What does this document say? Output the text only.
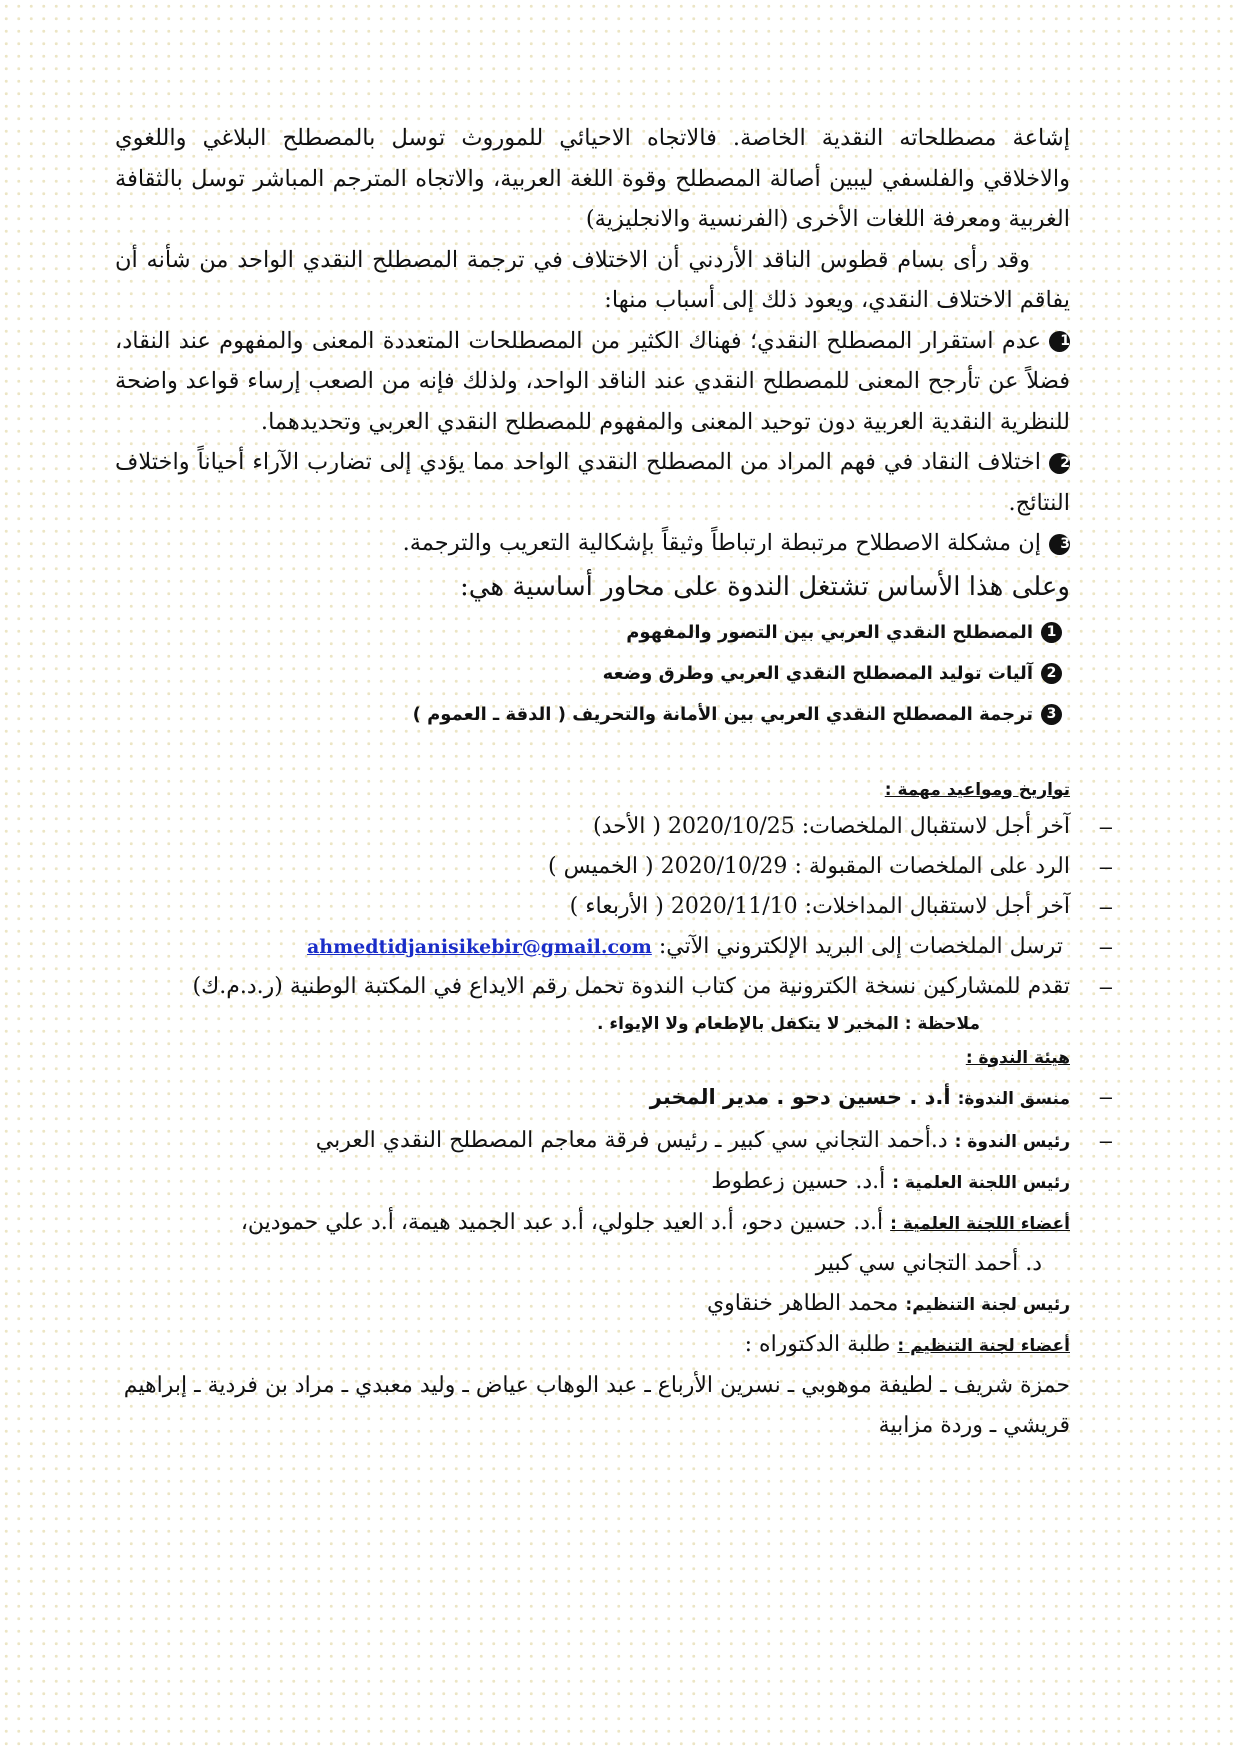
إشاعة مصطلحاته النقدية الخاصة. فالاتجاه الاحيائي للموروث توسل بالمصطلح البلاغي واللغوي والاخلاقي والفلسفي ليبين أصالة المصطلح وقوة اللغة العربية، والاتجاه المترجم المباشر توسل بالثقافة الغربية ومعرفة اللغات الأخرى (الفرنسية والانجليزية)

وقد رأى بسام قطوس الناقد الأردني أن الاختلاف في ترجمة المصطلح النقدي الواحد من شأنه أن يفاقم الاختلاف النقدي، ويعود ذلك إلى أسباب منها:

1عدم استقرار المصطلح النقدي؛ فهناك الكثير من المصطلحات المتعددة المعنى والمفهوم عند النقاد، فضلاً عن تأرجح المعنى للمصطلح النقدي عند الناقد الواحد، ولذلك فإنه من الصعب إرساء قواعد واضحة للنظرية النقدية العربية دون توحيد المعنى والمفهوم للمصطلح النقدي العربي وتحديدهما.

2اختلاف النقاد في فهم المراد من المصطلح النقدي الواحد مما يؤدي إلى تضارب الآراء أحياناً واختلاف النتائج.

3إن مشكلة الاصطلاح مرتبطة ارتباطاً وثيقاً بإشكالية التعريب والترجمة.

وعلى هذا الأساس تشتغل الندوة على محاور أساسية هي:

1المصطلح النقدي العربي بين التصور والمفهوم

2آليات توليد المصطلح النقدي العربي وطرق وضعه

3ترجمة المصطلح النقدي العربي بين الأمانة والتحريف ( الدقة ـ العموم )

تواريخ ومواعيد مهمة :

–
آخر أجل لاستقبال الملخصات: 2020/10/25 ( الأحد)
–
الرد على الملخصات المقبولة : 2020/10/29 ( الخميس )
–
آخر أجل لاستقبال المداخلات: 2020/11/10 ( الأربعاء )
–
ترسل الملخصات إلى البريد الإلكتروني الآتي: ahmedtidjanisikebir@gmail.com
–
تقدم للمشاركين نسخة الكترونية من كتاب الندوة تحمل رقم الايداع في المكتبة الوطنية (ر.د.م.ك)

ملاحظة : المخبر لا يتكفل بالإطعام ولا الإيواء .

هيئة الندوة :

–
منسق الندوة: أ.د . حسين دحو . مدير المخبر
–
رئيس الندوة : د.أحمد التجاني سي كبير ـ رئيس فرقة معاجم المصطلح النقدي العربي
رئيس اللجنة العلمية : أ.د. حسين زعطوط
أعضاء اللجنة العلمية : أ.د. حسين دحو، أ.د العيد جلولي، أ.د عبد الجميد هيمة، أ.د علي حمودين،
د. أحمد التجاني سي كبير
رئيس لجنة التنظيم: محمد الطاهر خنقاوي
أعضاء لجنة التنظيم : طلبة الدكتوراه :

حمزة شريف ـ لطيفة موهوبي ـ نسرين الأرباع ـ عبد الوهاب عياض ـ وليد معبدي ـ مراد بن فردية ـ إبراهيم قريشي ـ وردة مزابية
